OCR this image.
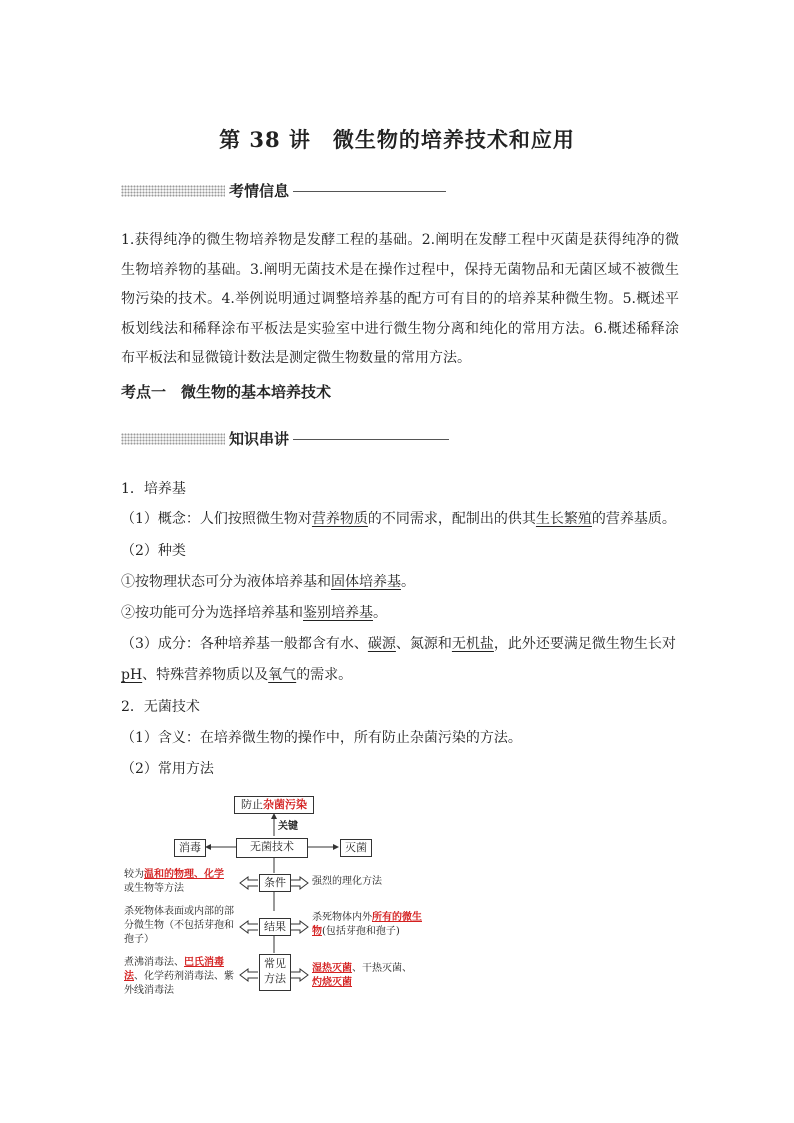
第 38 讲　微生物的培养技术和应用
考情信息
1.获得纯净的微生物培养物是发酵工程的基础。2.阐明在发酵工程中灭菌是获得纯净的微生物培养物的基础。3.阐明无菌技术是在操作过程中，保持无菌物品和无菌区域不被微生物污染的技术。4.举例说明通过调整培养基的配方可有目的的培养某种微生物。5.概述平板划线法和稀释涂布平板法是实验室中进行微生物分离和纯化的常用方法。6.概述稀释涂布平板法和显微镜计数法是测定微生物数量的常用方法。
考点一　微生物的基本培养技术
知识串讲
1．培养基
（1）概念：人们按照微生物对营养物质的不同需求，配制出的供其生长繁殖的营养基质。
（2）种类
①按物理状态可分为液体培养基和固体培养基。
②按功能可分为选择培养基和鉴别培养基。
（3）成分：各种培养基一般都含有水、碳源、氮源和无机盐，此外还要满足微生物生长对
pH、特殊营养物质以及氧气的需求。
2．无菌技术
（1）含义：在培养微生物的操作中，所有防止杂菌污染的方法。
（2）常用方法
防止杂菌污染
关键
无菌技术
消毒	灭菌
条件
较为温和的物理、化学
或生物等方法
强烈的理化方法
结果
杀死物体表面或内部的部分微生物（不包括芽孢和孢子）
杀死物体内外所有的微生物(包括芽孢和孢子)
常见方法
煮沸消毒法、巴氏消毒法、化学药剂消毒法、紫外线消毒法
湿热灭菌、干热灭菌、
灼烧灭菌
